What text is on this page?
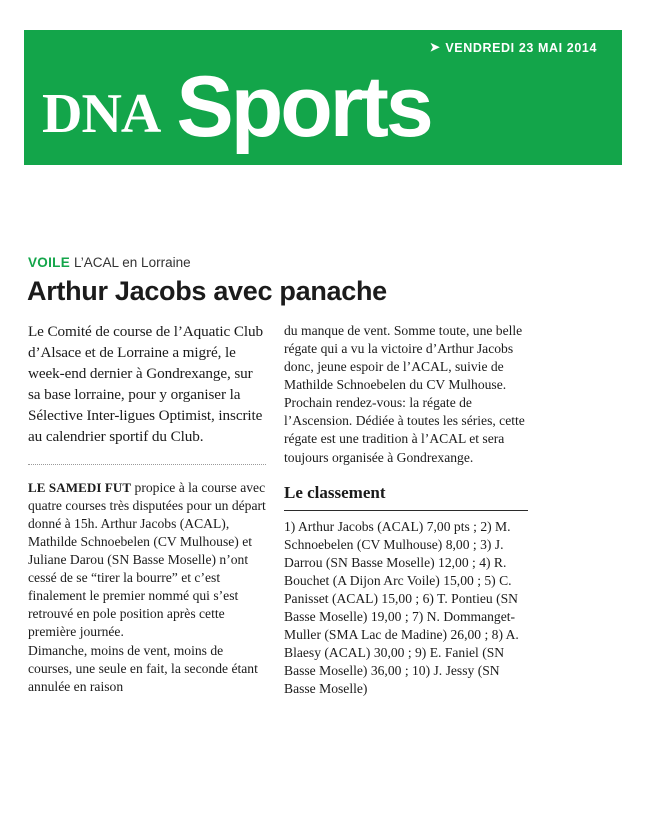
➤ VENDREDI 23 MAI 2014
DNA Sports
VOILE L’ACAL en Lorraine
Arthur Jacobs avec panache

Le Comité de course de l’Aquatic Club d’Alsace et de Lorraine a migré, le week-end dernier à Gondrexange, sur sa base lorraine, pour y organiser la Sélective Inter-ligues Optimist, inscrite au calendrier sportif du Club.

LE SAMEDI FUT propice à la course avec quatre courses très disputées pour un départ donné à 15h. Arthur Jacobs (ACAL), Mathilde Schnoebelen (CV Mulhouse) et Juliane Darou (SN Basse Moselle) n’ont cessé de se “tirer la bourre” et c’est finalement le premier nommé qui s’est retrouvé en pole position après cette première journée.

Dimanche, moins de vent, moins de courses, une seule en fait, la seconde étant annulée en raison

du manque de vent. Somme toute, une belle régate qui a vu la victoire d’Arthur Jacobs donc, jeune espoir de l’ACAL, suivie de Mathilde Schnoebelen du CV Mulhouse. Prochain rendez-vous: la régate de l’Ascension. Dédiée à toutes les séries, cette régate est une tradition à l’ACAL et sera toujours organisée à Gondrexange.

Le classement

1) Arthur Jacobs (ACAL) 7,00 pts ; 2) M. Schnoebelen (CV Mulhouse) 8,00 ; 3) J. Darrou (SN Basse Moselle) 12,00 ; 4) R. Bouchet (A Dijon Arc Voile) 15,00 ; 5) C. Panisset (ACAL) 15,00 ; 6) T. Pontieu (SN Basse Moselle) 19,00 ; 7) N. Dommanget-Muller (SMA Lac de Madine) 26,00 ; 8) A. Blaesy (ACAL) 30,00 ; 9) E. Faniel (SN Basse Moselle) 36,00 ; 10) J. Jessy (SN Basse Moselle)
